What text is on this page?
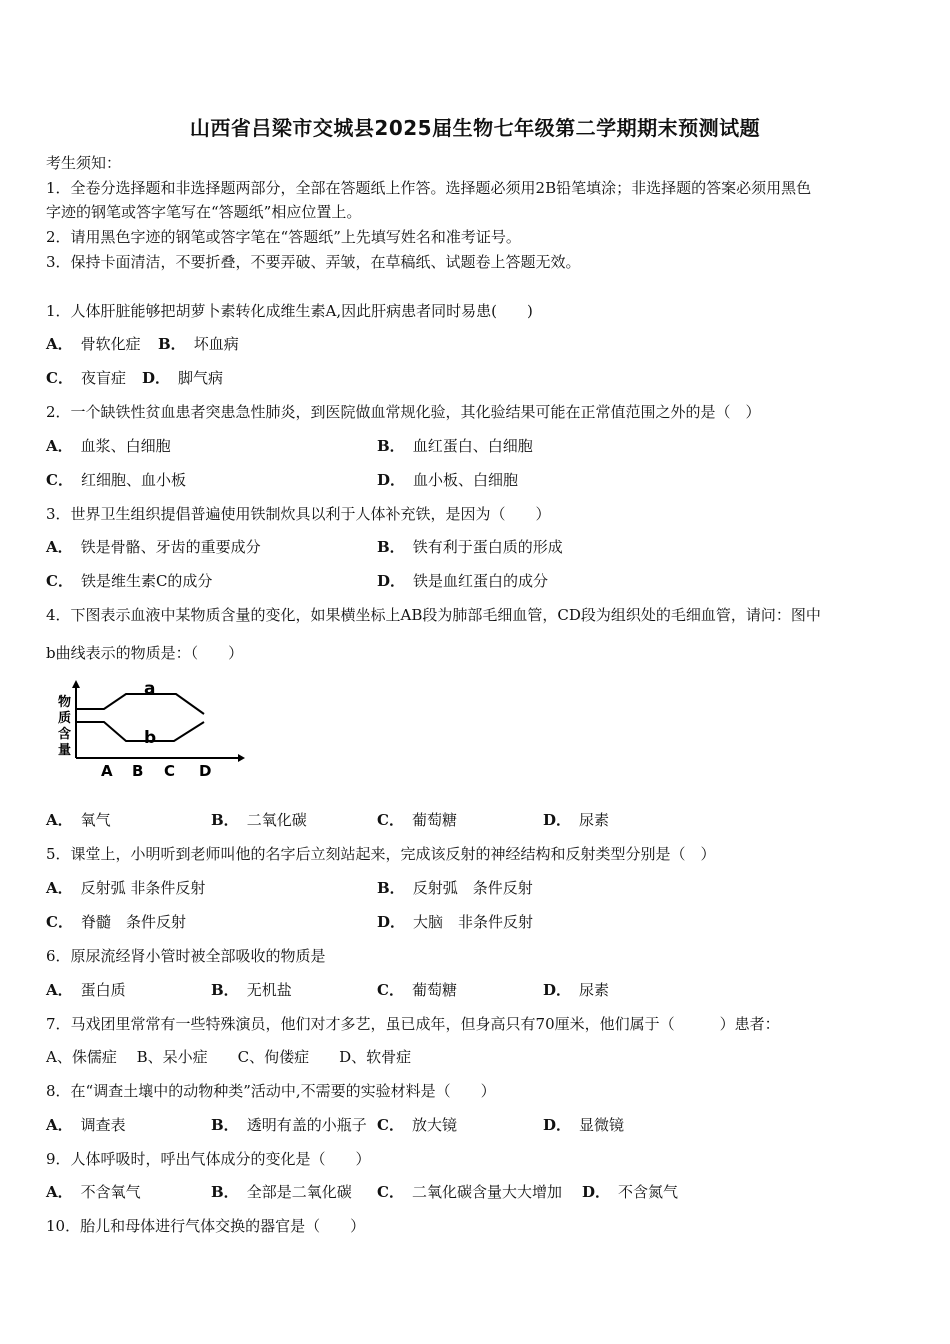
山西省吕梁市交城县2025届生物七年级第二学期期末预测试题
考生须知：
1．全卷分选择题和非选择题两部分，全部在答题纸上作答。选择题必须用2B铅笔填涂；非选择题的答案必须用黑色
字迹的钢笔或答字笔写在“答题纸”相应位置上。
2．请用黑色字迹的钢笔或答字笔在“答题纸”上先填写姓名和准考证号。
3．保持卡面清洁，不要折叠，不要弄破、弄皱，在草稿纸、试题卷上答题无效。
1．人体肝脏能够把胡萝卜素转化成维生素A,因此肝病患者同时易患(　　)
A． 骨软化症 B． 坏血病
C． 夜盲症 D． 脚气病
2．一个缺铁性贫血患者突患急性肺炎，到医院做血常规化验，其化验结果可能在正常值范围之外的是（　）
A． 血浆、白细胞	B． 血红蛋白、白细胞
C． 红细胞、血小板	D． 血小板、白细胞
3．世界卫生组织提倡普遍使用铁制炊具以利于人体补充铁，是因为（　　）
A． 铁是骨骼、牙齿的重要成分	B． 铁有利于蛋白质的形成
C． 铁是维生素C的成分	D． 铁是血红蛋白的成分
4．下图表示血液中某物质含量的变化，如果横坐标上AB段为肺部毛细血管，CD段为组织处的毛细血管，请问：图中
b曲线表示的物质是：（　　）
物
质
含
量
a
b
A B C D
A． 氧气	B． 二氧化碳	C． 葡萄糖	D． 尿素
5．课堂上，小明听到老师叫他的名字后立刻站起来，完成该反射的神经结构和反射类型分别是（　）
A． 反射弧 非条件反射	B． 反射弧　条件反射
C． 脊髓　条件反射	D． 大脑　非条件反射
6．原尿流经肾小管时被全部吸收的物质是
A． 蛋白质	B． 无机盐	C． 葡萄糖	D． 尿素
7．马戏团里常常有一些特殊演员，他们对才多艺，虽已成年，但身高只有70厘米，他们属于（　　　）患者：
A、侏儒症　 B、呆小症　　C、佝偻症　　D、软骨症
8．在“调查土壤中的动物种类”活动中,不需要的实验材料是（　　）
A． 调查表	B． 透明有盖的小瓶子 C． 放大镜	D． 显微镜
9．人体呼吸时，呼出气体成分的变化是（　　）
A． 不含氧气	B． 全部是二氧化碳 C． 二氧化碳含量大大增加 D． 不含氮气
10．胎儿和母体进行气体交换的器官是（　　）
